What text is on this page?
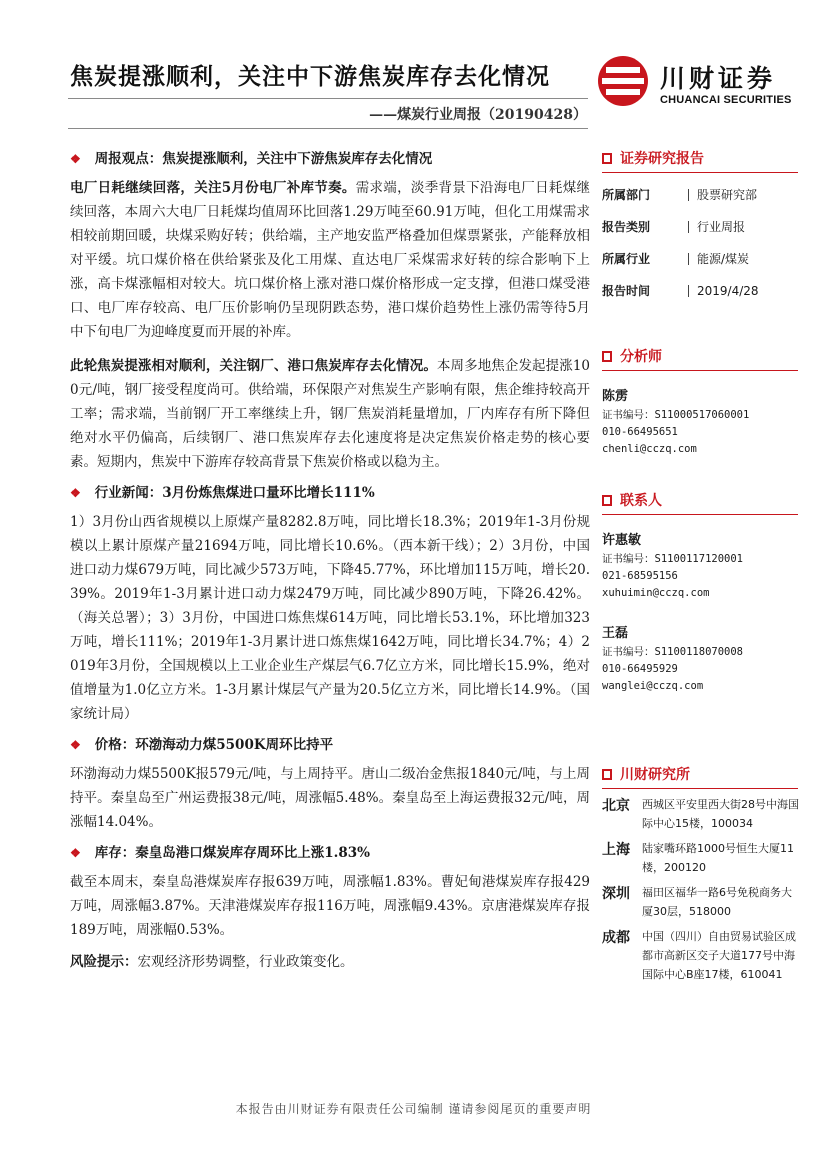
焦炭提涨顺利，关注中下游焦炭库存去化情况
——煤炭行业周报（20190428）
川财证券
CHUANCAI SECURITIES
❖ 周报观点：焦炭提涨顺利，关注中下游焦炭库存去化情况

电厂日耗继续回落，关注5月份电厂补库节奏。需求端，淡季背景下沿海电厂日耗煤继续回落，本周六大电厂日耗煤均值周环比回落1.29万吨至60.91万吨，但化工用煤需求相较前期回暖，块煤采购好转；供给端，主产地安监严格叠加但煤票紧张，产能释放相对平缓。坑口煤价格在供给紧张及化工用煤、直达电厂采煤需求好转的综合影响下上涨，高卡煤涨幅相对较大。坑口煤价格上涨对港口煤价格形成一定支撑，但港口煤受港口、电厂库存较高、电厂压价影响仍呈现阴跌态势，港口煤价趋势性上涨仍需等待5月中下旬电厂为迎峰度夏而开展的补库。

此轮焦炭提涨相对顺利，关注钢厂、港口焦炭库存去化情况。本周多地焦企发起提涨100元/吨，钢厂接受程度尚可。供给端，环保限产对焦炭生产影响有限，焦企维持较高开工率；需求端，当前钢厂开工率继续上升，钢厂焦炭消耗量增加，厂内库存有所下降但绝对水平仍偏高，后续钢厂、港口焦炭库存去化速度将是决定焦炭价格走势的核心要素。短期内，焦炭中下游库存较高背景下焦炭价格或以稳为主。

❖ 行业新闻：3月份炼焦煤进口量环比增长111%

1）3月份山西省规模以上原煤产量8282.8万吨，同比增长18.3%；2019年1-3月份规模以上累计原煤产量21694万吨，同比增长10.6%。（西本新干线）；2）3月份，中国进口动力煤679万吨，同比减少573万吨，下降45.77%，环比增加115万吨，增长20.39%。2019年1-3月累计进口动力煤2479万吨，同比减少890万吨，下降26.42%。（海关总署）；3）3月份，中国进口炼焦煤614万吨，同比增长53.1%，环比增加323万吨，增长111%；2019年1-3月累计进口炼焦煤1642万吨，同比增长34.7%；4）2019年3月份，全国规模以上工业企业生产煤层气6.7亿立方米，同比增长15.9%，绝对值增量为1.0亿立方米。1-3月累计煤层气产量为20.5亿立方米，同比增长14.9%。（国家统计局）

❖ 价格：环渤海动力煤5500K周环比持平

环渤海动力煤5500K报579元/吨，与上周持平。唐山二级冶金焦报1840元/吨，与上周持平。秦皇岛至广州运费报38元/吨，周涨幅5.48%。秦皇岛至上海运费报32元/吨，周涨幅14.04%。

❖ 库存：秦皇岛港口煤炭库存周环比上涨1.83%

截至本周末，秦皇岛港煤炭库存报639万吨，周涨幅1.83%。曹妃甸港煤炭库存报429万吨，周涨幅3.87%。天津港煤炭库存报116万吨，周涨幅9.43%。京唐港煤炭库存报189万吨，周涨幅0.53%。

风险提示：宏观经济形势调整，行业政策变化。

证券研究报告
所属部门	股票研究部
报告类别	行业周报
所属行业	能源/煤炭
报告时间	2019/4/28
分析师
陈雳
证书编号：S1100051706000​1
010-66495651
chenli@cczq.com
联系人
许惠敏
证书编号：S1100117120001
021-68595156
xuhuimin@cczq.com
王磊
证书编号：S1100118070008
010-66495929
wanglei@cczq.com
川财研究所
北京	西城区平安里西大街28号中海国际中心15楼，100034
上海	陆家嘴环路1000号恒生大厦11楼，200120
深圳	福田区福华一路6号免税商务大厦30层，518000
成都	中国（四川）自由贸易试验区成都市高新区交子大道177号中海国际中心B座17楼，610041
本报告由川财证券有限责任公司编制 谨请参阅尾页的重要声明
